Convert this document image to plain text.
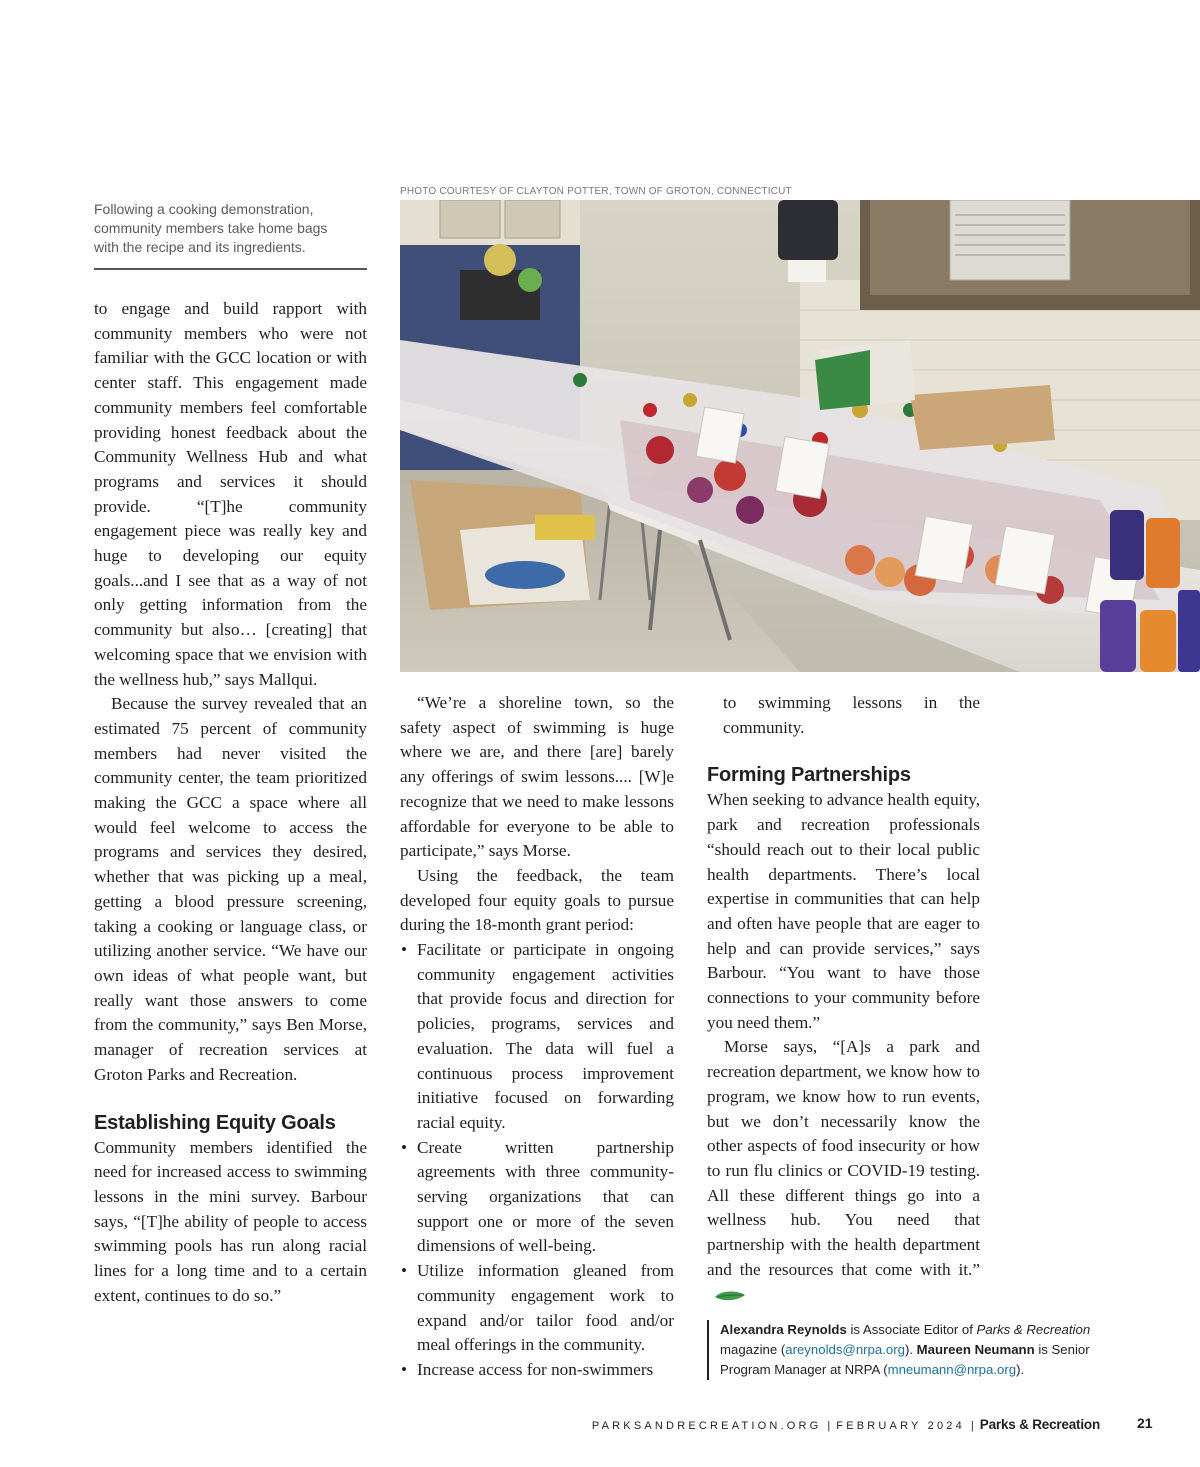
Following a cooking demonstration,
community members take home bags
with the recipe and its ingredients.
PHOTO COURTESY OF CLAYTON POTTER, TOWN OF GROTON, CONNECTICUT

to engage and build rapport with community members who were not familiar with the GCC location or with center staff. This engagement made community members feel comfortable providing honest feedback about the Community Wellness Hub and what programs and services it should provide. “[T]he community engagement piece was really key and huge to developing our equity goals...and I see that as a way of not only getting information from the community but also… [creating] that welcoming space that we envision with the wellness hub,” says Mallqui.

Because the survey revealed that an estimated 75 percent of community members had never visited the community center, the team prioritized making the GCC a space where all would feel welcome to access the programs and services they desired, whether that was picking up a meal, getting a blood pressure screening, taking a cooking or language class, or utilizing another service. “We have our own ideas of what people want, but really want those answers to come from the community,” says Ben Morse, manager of recreation services at Groton Parks and Recreation.

Establishing Equity Goals

Community members identified the need for increased access to swimming lessons in the mini survey. Barbour says, “[T]he ability of people to access swimming pools has run along racial lines for a long time and to a certain extent, continues to do so.”

“We’re a shoreline town, so the safety aspect of swimming is huge where we are, and there [are] barely any offerings of swim lessons.... [W]e recognize that we need to make lessons affordable for everyone to be able to participate,” says Morse.

Using the feedback, the team developed four equity goals to pursue during the 18-month grant period:

• Facilitate or participate in ongoing community engagement activities that provide focus and direction for policies, programs, services and evaluation. The data will fuel a continuous process improvement initiative focused on forwarding racial equity.
• Create written partnership agreements with three community-serving organizations that can support one or more of the seven dimensions of well-being.
• Utilize information gleaned from community engagement work to expand and/or tailor food and/or meal offerings in the community.
• Increase access for non-swimmers

to swimming lessons in the community.

Forming Partnerships

When seeking to advance health equity, park and recreation professionals “should reach out to their local public health departments. There’s local expertise in communities that can help and often have people that are eager to help and can provide services,” says Barbour. “You want to have those connections to your community before you need them.”

Morse says, “[A]s a park and recreation department, we know how to program, we know how to run events, but we don’t necessarily know the other aspects of food insecurity or how to run flu clinics or COVID-19 testing. All these different things go into a wellness hub. You need that partnership with the health department and the resources that come with it.”

Alexandra Reynolds is Associate Editor of Parks & Recreation magazine (areynolds@nrpa.org). Maureen Neumann is Senior Program Manager at NRPA (mneumann@nrpa.org).
PARKSANDRECREATION.ORG | FEBRUARY 2024 | Parks & Recreation	21
